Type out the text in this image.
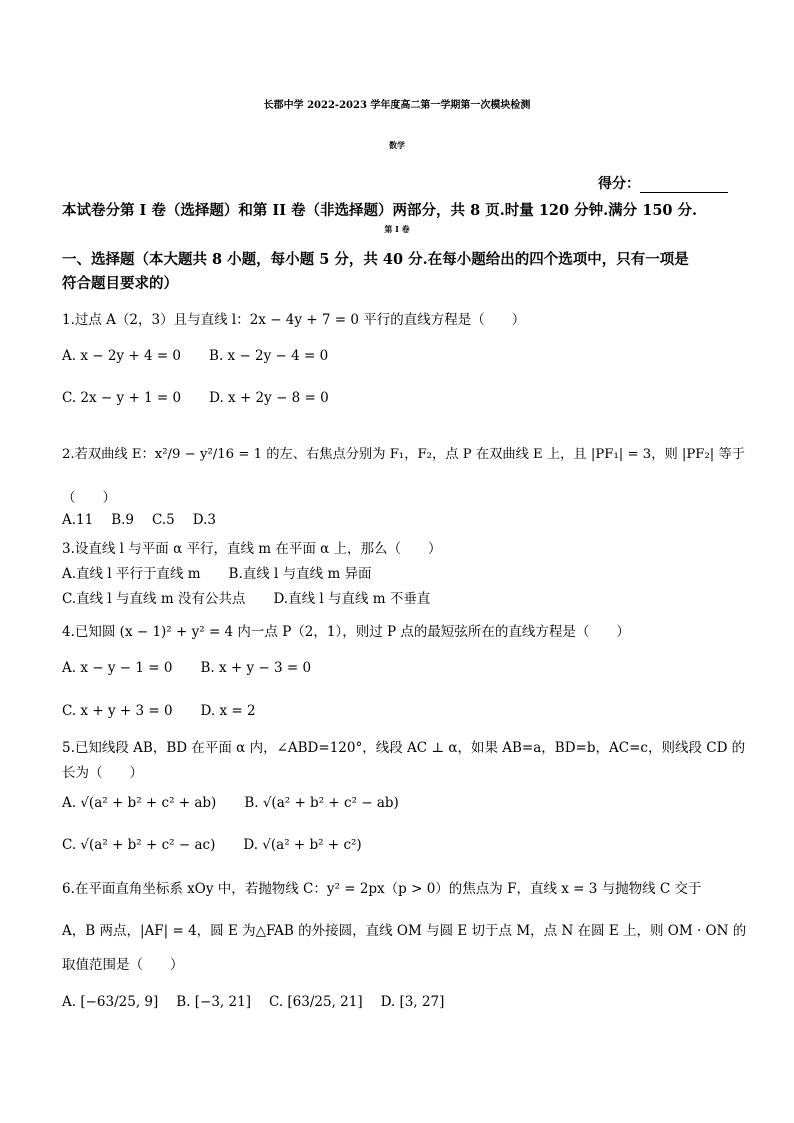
长郡中学 2022-2023 学年度高二第一学期第一次模块检测
数学
得分：
本试卷分第 I 卷（选择题）和第 II 卷（非选择题）两部分，共 8 页.时量 120 分钟.满分 150 分.
第 I 卷
一、选择题（本大题共 8 小题，每小题 5 分，共 40 分.在每小题给出的四个选项中，只有一项是
符合题目要求的）
1.过点 A（2，3）且与直线 l：2x − 4y + 7 = 0 平行的直线方程是（　　）
A. x − 2y + 4 = 0 B. x − 2y − 4 = 0
C. 2x − y + 1 = 0 D. x + 2y − 8 = 0
2.若双曲线 E：x²/9 − y²/16 = 1 的左、右焦点分别为 F₁，F₂，点 P 在双曲线 E 上，且 |PF₁| = 3，则 |PF₂| 等于
（　　）
A.11 B.9 C.5 D.3
3.设直线 l 与平面 α 平行，直线 m 在平面 α 上，那么（　　）
A.直线 l 平行于直线 m B.直线 l 与直线 m 异面
C.直线 l 与直线 m 没有公共点 D.直线 l 与直线 m 不垂直
4.已知圆 (x − 1)² + y² = 4 内一点 P（2，1），则过 P 点的最短弦所在的直线方程是（　　）
A. x − y − 1 = 0 B. x + y − 3 = 0
C. x + y + 3 = 0 D. x = 2
5.已知线段 AB，BD 在平面 α 内，∠ABD=120°，线段 AC ⊥ α，如果 AB=a，BD=b，AC=c，则线段 CD 的
长为（　　）
A. √(a² + b² + c² + ab) B. √(a² + b² + c² − ab)
C. √(a² + b² + c² − ac) D. √(a² + b² + c²)
6.在平面直角坐标系 xOy 中，若抛物线 C：y² = 2px（p > 0）的焦点为 F，直线 x = 3 与抛物线 C 交于
A，B 两点，|AF| = 4，圆 E 为△FAB 的外接圆，直线 OM 与圆 E 切于点 M，点 N 在圆 E 上，则 OM · ON 的
取值范围是（　　）
A. [−63/25, 9] B. [−3, 21] C. [63/25, 21] D. [3, 27]
